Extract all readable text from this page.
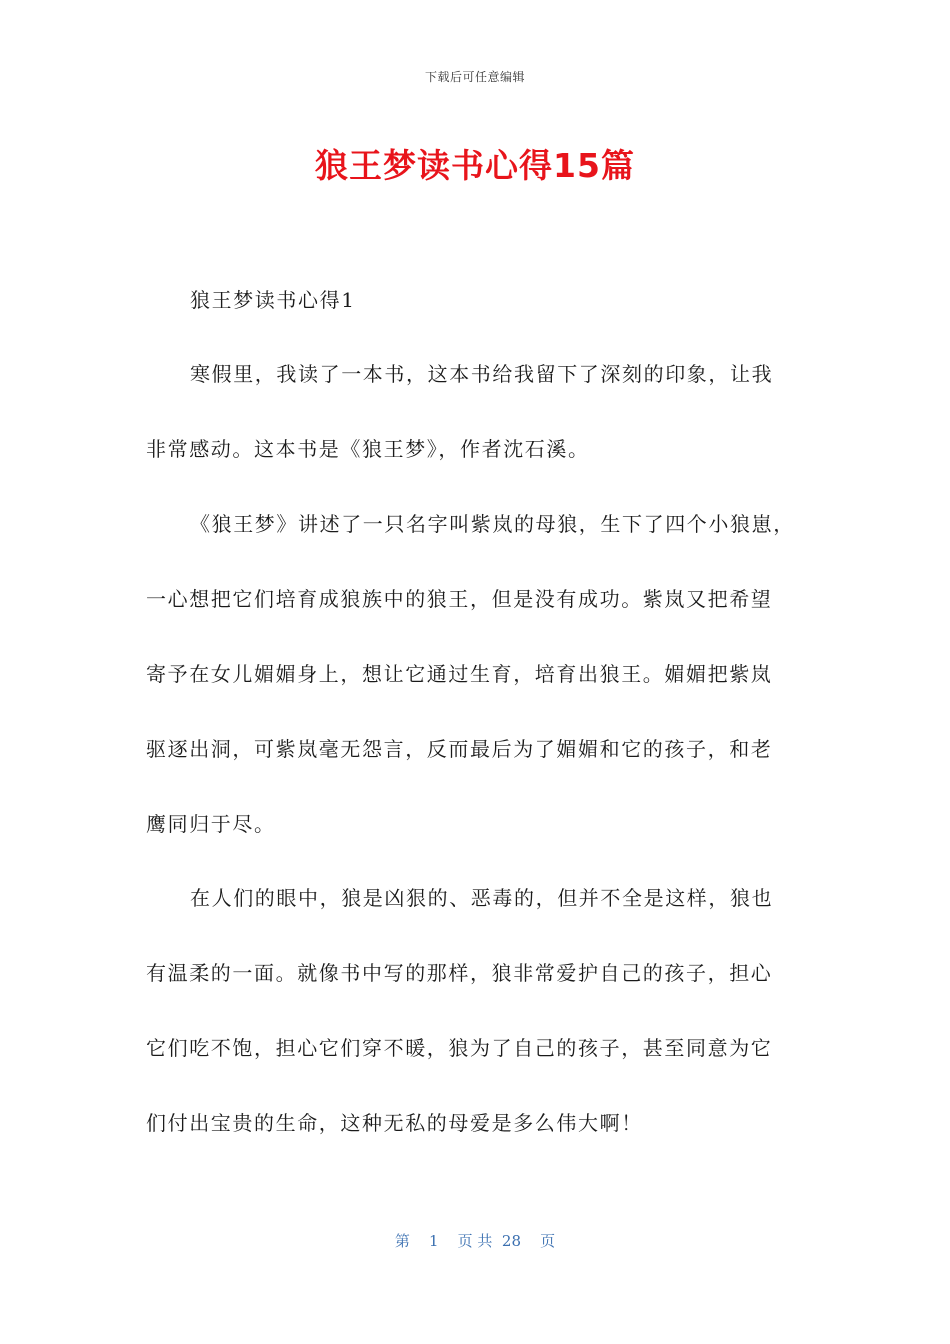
下载后可任意编辑
狼王梦读书心得15篇
狼王梦读书心得1
寒假里，我读了一本书，这本书给我留下了深刻的印象，让我
非常感动。这本书是《狼王梦》，作者沈石溪。
《狼王梦》讲述了一只名字叫紫岚的母狼，生下了四个小狼崽，
一心想把它们培育成狼族中的狼王，但是没有成功。紫岚又把希望
寄予在女儿媚媚身上，想让它通过生育，培育出狼王。媚媚把紫岚
驱逐出洞，可紫岚毫无怨言，反而最后为了媚媚和它的孩子，和老
鹰同归于尽。
在人们的眼中，狼是凶狠的、恶毒的，但并不全是这样，狼也
有温柔的一面。就像书中写的那样，狼非常爱护自己的孩子，担心
它们吃不饱，担心它们穿不暖，狼为了自己的孩子，甚至同意为它
们付出宝贵的生命，这种无私的母爱是多么伟大啊！
第 1 页 共 28 页
